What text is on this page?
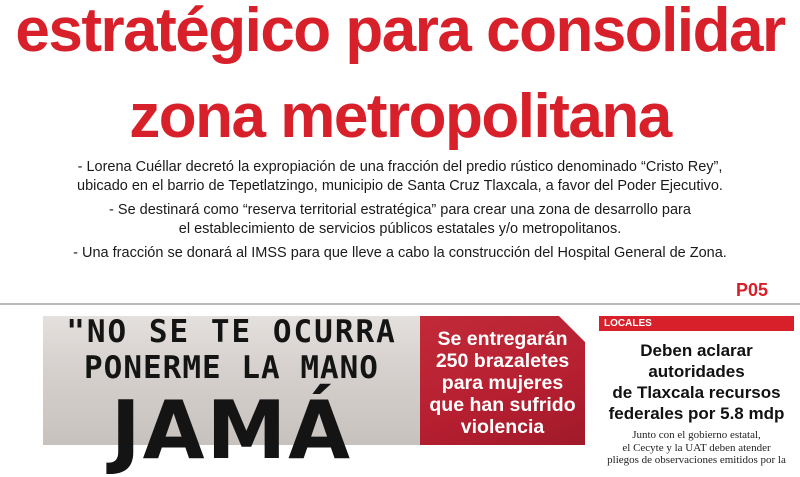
estratégico para consolidar
zona metropolitana
- Lorena Cuéllar decretó la expropiación de una fracción del predio rústico denominado “Cristo Rey”,
ubicado en el barrio de Tepetlatzingo, municipio de Santa Cruz Tlaxcala, a favor del Poder Ejecutivo.
- Se destinará como “reserva territorial estratégica” para crear una zona de desarrollo para
el establecimiento de servicios públicos estatales y/o metropolitanos.
- Una fracción se donará al IMSS para que lleve a cabo la construcción del Hospital General de Zona.
P05
"NO SE TE OCURRA
PONERME LA MANO
JAMÁ
Se entregarán
250 brazaletes
para mujeres
que han sufrido
violencia
LOCALES
Deben aclarar autoridades
de Tlaxcala recursos
federales por 5.8 mdp
Junto con el gobierno estatal,
el Cecyte y la UAT deben atender
pliegos de observaciones emitidos por la
